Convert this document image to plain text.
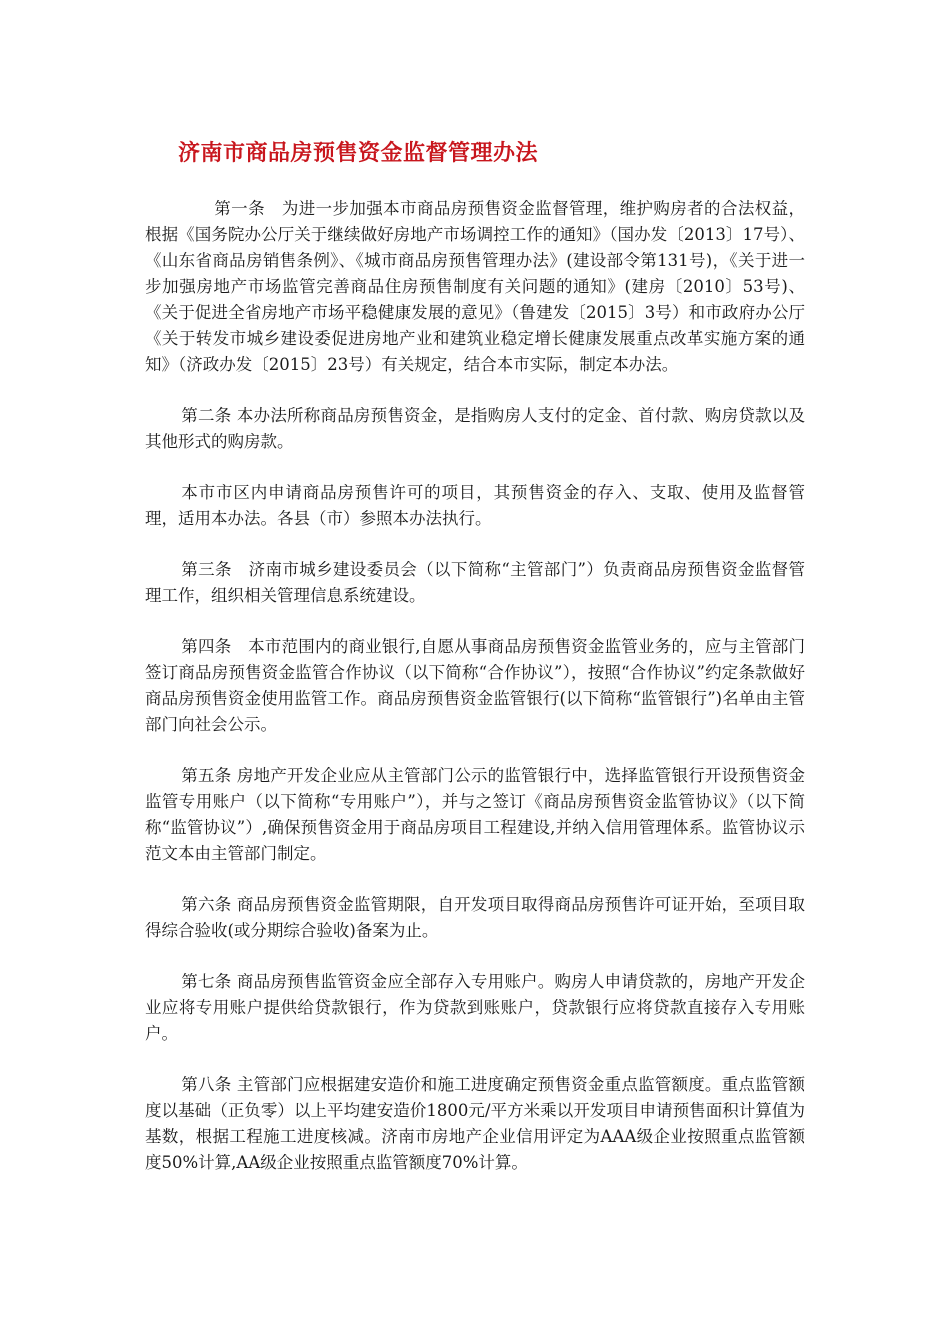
济南市商品房预售资金监督管理办法

第一条　为进一步加强本市商品房预售资金监督管理，维护购房者的合法权益，根据《国务院办公厅关于继续做好房地产市场调控工作的通知》（国办发〔2013〕17号）、《山东省商品房销售条例》、《城市商品房预售管理办法》(建设部令第131号)，《关于进一步加强房地产市场监管完善商品住房预售制度有关问题的通知》(建房〔2010〕53号)、《关于促进全省房地产市场平稳健康发展的意见》（鲁建发〔2015〕3号）和市政府办公厅《关于转发市城乡建设委促进房地产业和建筑业稳定增长健康发展重点改革实施方案的通知》（济政办发〔2015〕23号）有关规定，结合本市实际，制定本办法。

第二条 本办法所称商品房预售资金，是指购房人支付的定金、首付款、购房贷款以及其他形式的购房款。

本市市区内申请商品房预售许可的项目，其预售资金的存入、支取、使用及监督管理，适用本办法。各县（市）参照本办法执行。

第三条　济南市城乡建设委员会（以下简称“主管部门”）负责商品房预售资金监督管理工作，组织相关管理信息系统建设。

第四条　本市范围内的商业银行,自愿从事商品房预售资金监管业务的，应与主管部门签订商品房预售资金监管合作协议（以下简称“合作协议”），按照“合作协议”约定条款做好商品房预售资金使用监管工作。商品房预售资金监管银行(以下简称“监管银行”)名单由主管部门向社会公示。

第五条 房地产开发企业应从主管部门公示的监管银行中，选择监管银行开设预售资金监管专用账户（以下简称“专用账户”），并与之签订《商品房预售资金监管协议》（以下简称“监管协议”）,确保预售资金用于商品房项目工程建设,并纳入信用管理体系。监管协议示范文本由主管部门制定。

第六条 商品房预售资金监管期限，自开发项目取得商品房预售许可证开始，至项目取得综合验收(或分期综合验收)备案为止。

第七条 商品房预售监管资金应全部存入专用账户。购房人申请贷款的，房地产开发企业应将专用账户提供给贷款银行，作为贷款到账账户，贷款银行应将贷款直接存入专用账户。

第八条 主管部门应根据建安造价和施工进度确定预售资金重点监管额度。重点监管额度以基础（正负零）以上平均建安造价1800元/平方米乘以开发项目申请预售面积计算值为基数，根据工程施工进度核减。济南市房地产企业信用评定为AAA级企业按照重点监管额度50%计算,AA级企业按照重点监管额度70%计算。
